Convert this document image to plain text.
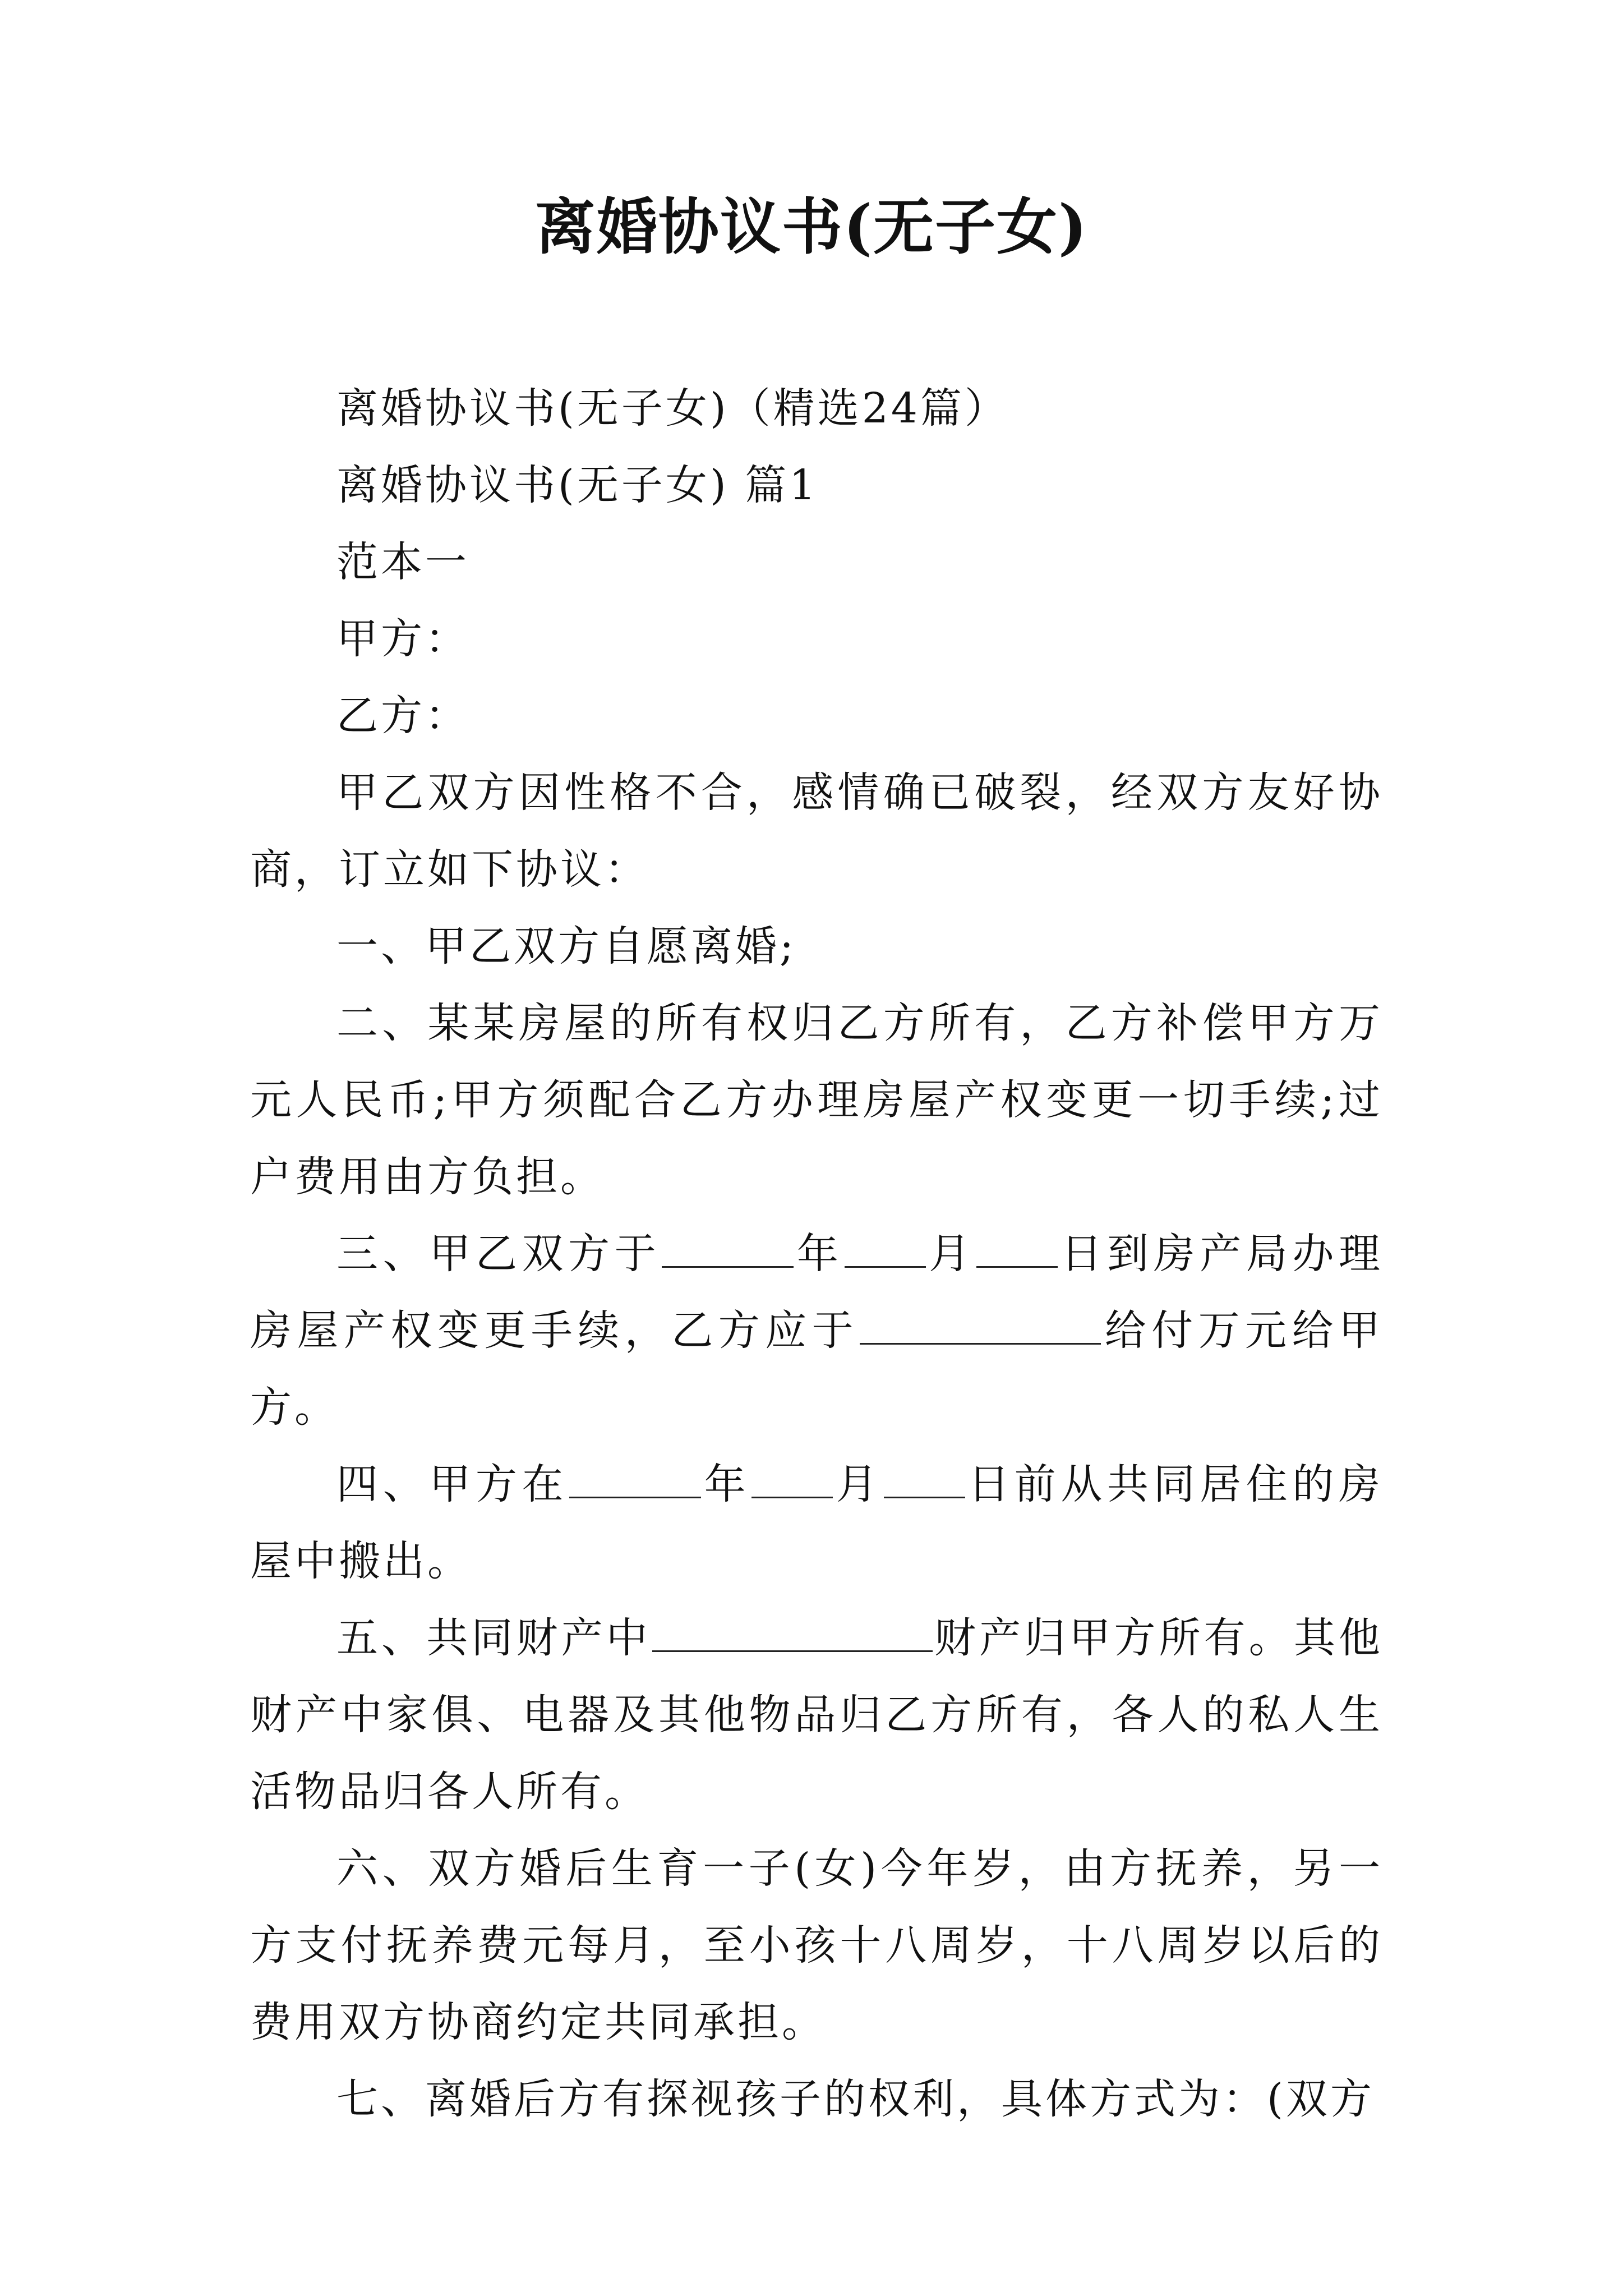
离婚协议书(无子女)

离婚协议书(无子女)（精选24篇）

离婚协议书(无子女) 篇1

范本一

甲方：

乙方：

甲乙双方因性格不合，感情确已破裂，经双方友好协商，订立如下协议：

一、甲乙双方自愿离婚;

二、某某房屋的所有权归乙方所有，乙方补偿甲方万元人民币;甲方须配合乙方办理房屋产权变更一切手续;过户费用由方负担。

三、甲乙双方于	年 月 日到房产局办理房屋产权变更手续，乙方应于	给付万元给甲方。

四、甲方在	年 月 日前从共同居住的房屋中搬出。

五、共同财产中	财产归甲方所有。其他财产中家俱、电器及其他物品归乙方所有，各人的私人生活物品归各人所有。

六、双方婚后生育一子(女)今年岁，由方抚养，另一方支付抚养费元每月，至小孩十八周岁，十八周岁以后的费用双方协商约定共同承担。

七、离婚后方有探视孩子的权利，具体方式为：(双方
